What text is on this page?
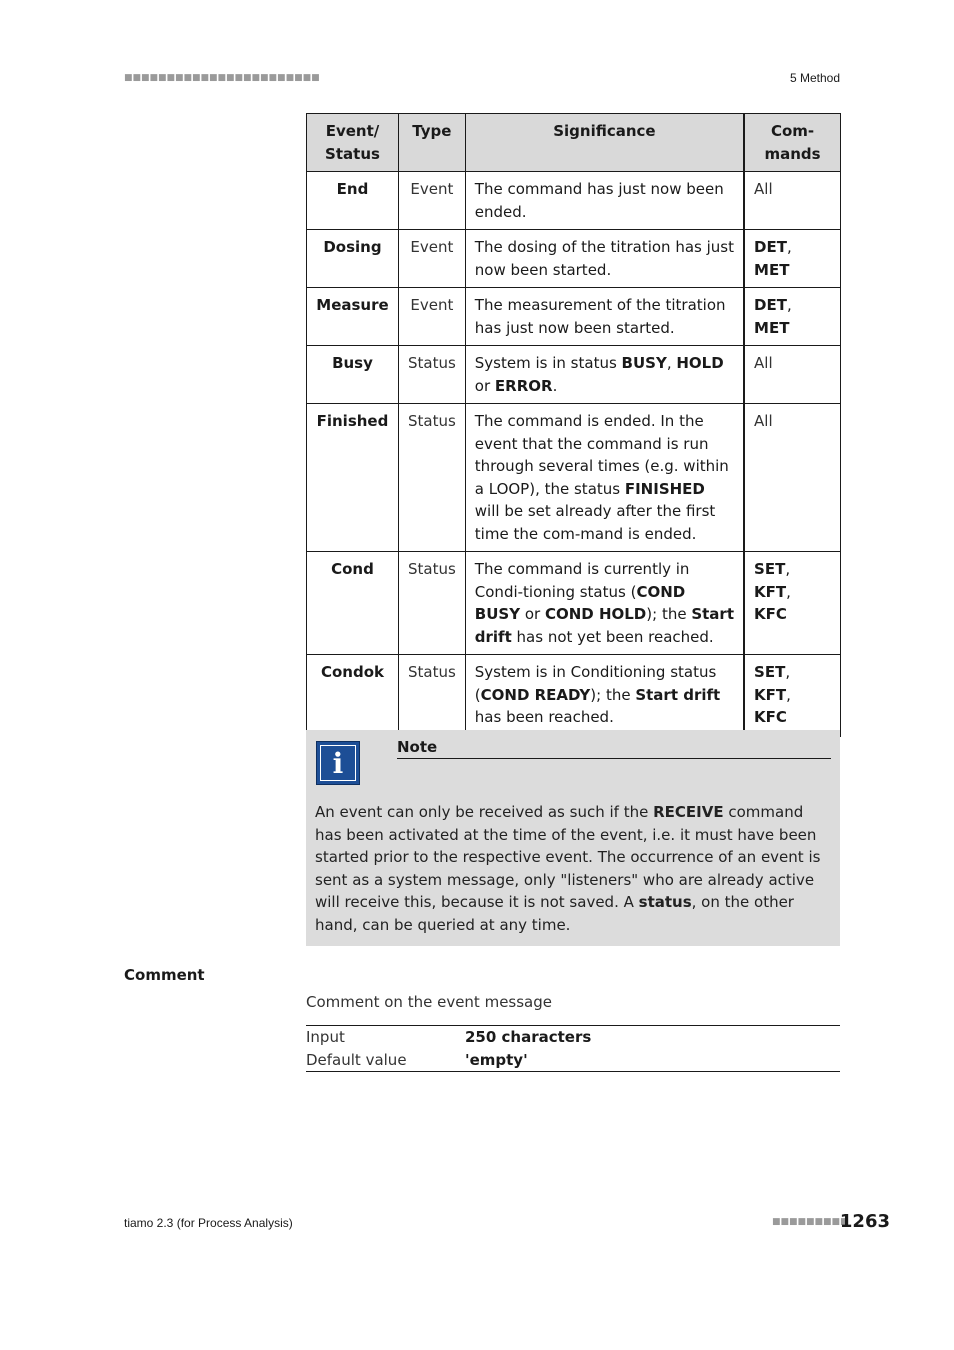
■■■■■■■■■■■■■■■■■■■■■■■	5 Method
Event/
Status	Type	Significance	Com-
mands
End	Event	The command has just now been ended.	All
Dosing	Event	The dosing of the titration has just now been started.	DET,
MET
Measure	Event	The measurement of the titration has just now been started.	DET,
MET
Busy	Status	System is in status BUSY, HOLD or ERROR.	All
Finished	Status	The command is ended. In the event that the command is run through several times (e.g. within a LOOP), the status FINISHED will be set already after the first time the com-mand is ended.	All
Cond	Status	The command is currently in Condi-tioning status (COND BUSY or COND HOLD); the Start drift has not yet been reached.	SET, KFT,
KFC
Condok	Status	System is in Conditioning status (COND READY); the Start drift has been reached.	SET, KFT,
KFC
i	Note
An event can only be received as such if the RECEIVE command has been activated at the time of the event, i.e. it must have been started prior to the respective event. The occurrence of an event is sent as a system message, only "listeners" who are already active will receive this, because it is not saved. A status, on the other hand, can be queried at any time.
Comment
Comment on the event message
Input	250 characters
Default value	'empty'
tiamo 2.3 (for Process Analysis)	■■■■■■■■■
1263
